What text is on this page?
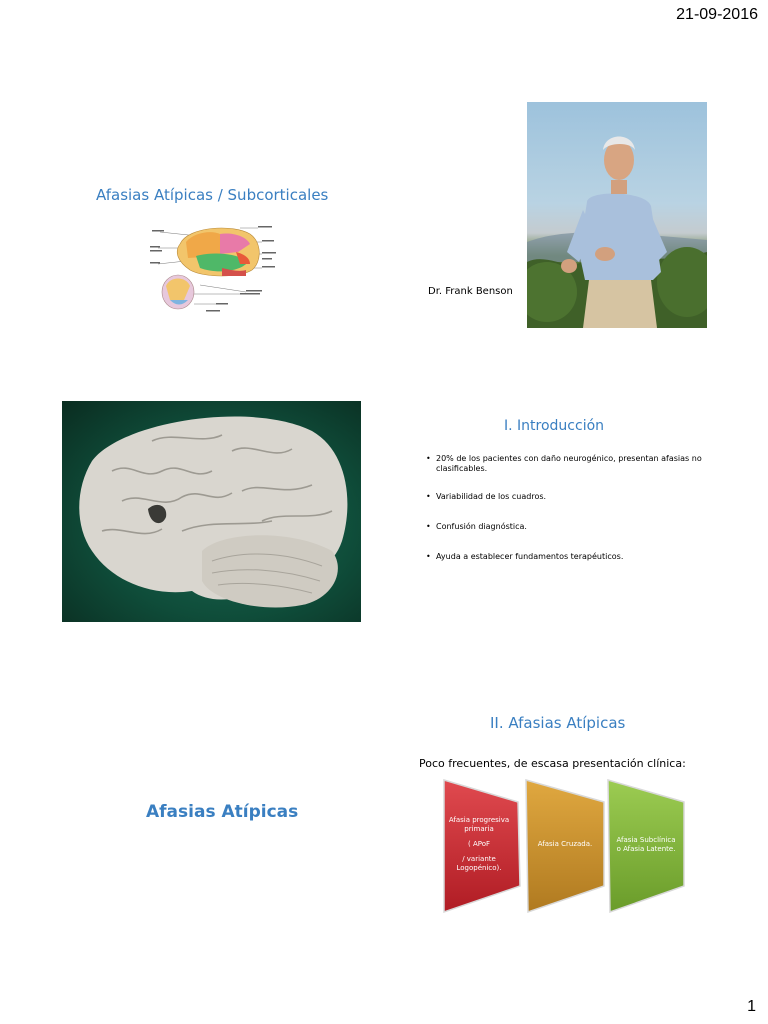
21-09-2016
Afasias Atípicas / Subcorticales
Dr. Frank Benson
I. Introducción
• 20% de los pacientes con daño neurogénico, presentan afasias no clasificables.
• Variabilidad de los cuadros.
• Confusión diagnóstica.
• Ayuda a establecer fundamentos terapéuticos.
Afasias Atípicas
II. Afasias Atípicas
Poco frecuentes, de escasa presentación clínica:
Afasia progresiva
primaria
( APoF
/ variante
Logopénico).
Afasia Cruzada.	Afasia Subclínica
o Afasia Latente.
1
